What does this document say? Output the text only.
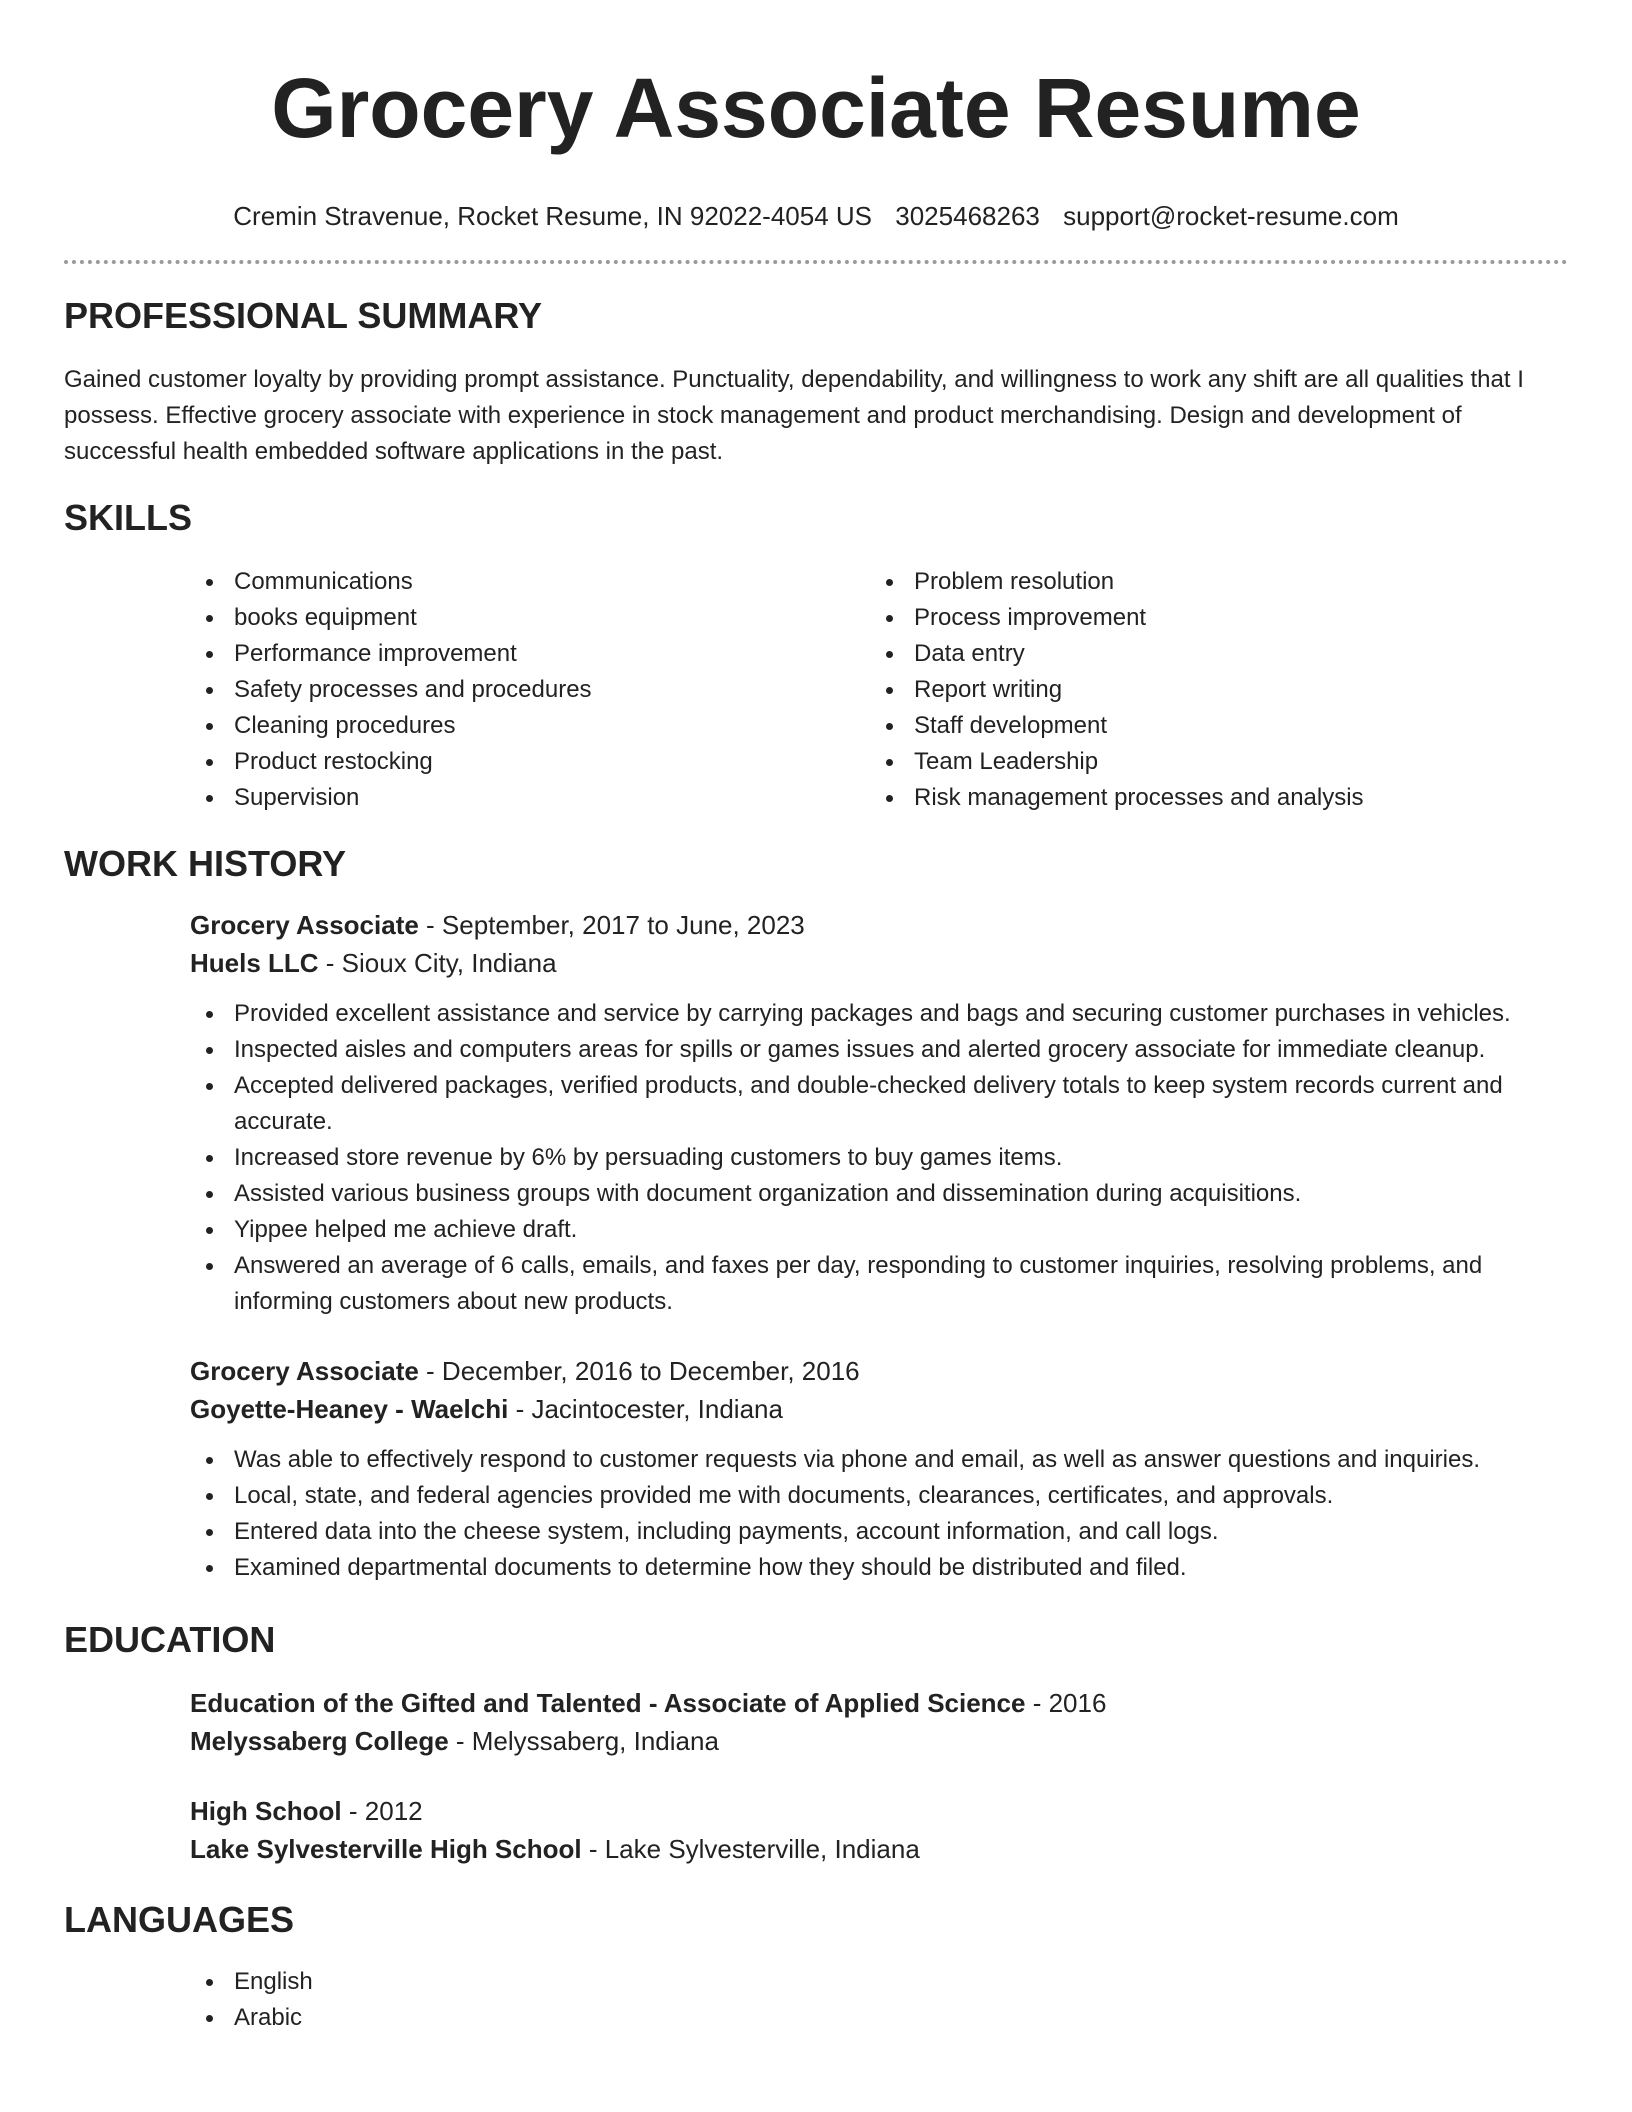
Grocery Associate Resume
Cremin Stravenue, Rocket Resume, IN 92022-4054 US 3025468263 support@rocket-resume.com
PROFESSIONAL SUMMARY

Gained customer loyalty by providing prompt assistance. Punctuality, dependability, and willingness to work any shift are all qualities that I possess. Effective grocery associate with experience in stock management and product merchandising. Design and development of successful health embedded software applications in the past.

SKILLS
Communications
books equipment
Performance improvement
Safety processes and procedures
Cleaning procedures
Product restocking
Supervision
Problem resolution
Process improvement
Data entry
Report writing
Staff development
Team Leadership
Risk management processes and analysis
WORK HISTORY
Grocery Associate - September, 2017 to June, 2023
Huels LLC - Sioux City, Indiana
Provided excellent assistance and service by carrying packages and bags and securing customer purchases in vehicles.
Inspected aisles and computers areas for spills or games issues and alerted grocery associate for immediate cleanup.
Accepted delivered packages, verified products, and double-checked delivery totals to keep system records current and accurate.
Increased store revenue by 6% by persuading customers to buy games items.
Assisted various business groups with document organization and dissemination during acquisitions.
Yippee helped me achieve draft.
Answered an average of 6 calls, emails, and faxes per day, responding to customer inquiries, resolving problems, and informing customers about new products.
Grocery Associate - December, 2016 to December, 2016
Goyette-Heaney - Waelchi - Jacintocester, Indiana
Was able to effectively respond to customer requests via phone and email, as well as answer questions and inquiries.
Local, state, and federal agencies provided me with documents, clearances, certificates, and approvals.
Entered data into the cheese system, including payments, account information, and call logs.
Examined departmental documents to determine how they should be distributed and filed.
EDUCATION
Education of the Gifted and Talented - Associate of Applied Science - 2016
Melyssaberg College - Melyssaberg, Indiana
High School - 2012
Lake Sylvesterville High School - Lake Sylvesterville, Indiana
LANGUAGES
English
Arabic
